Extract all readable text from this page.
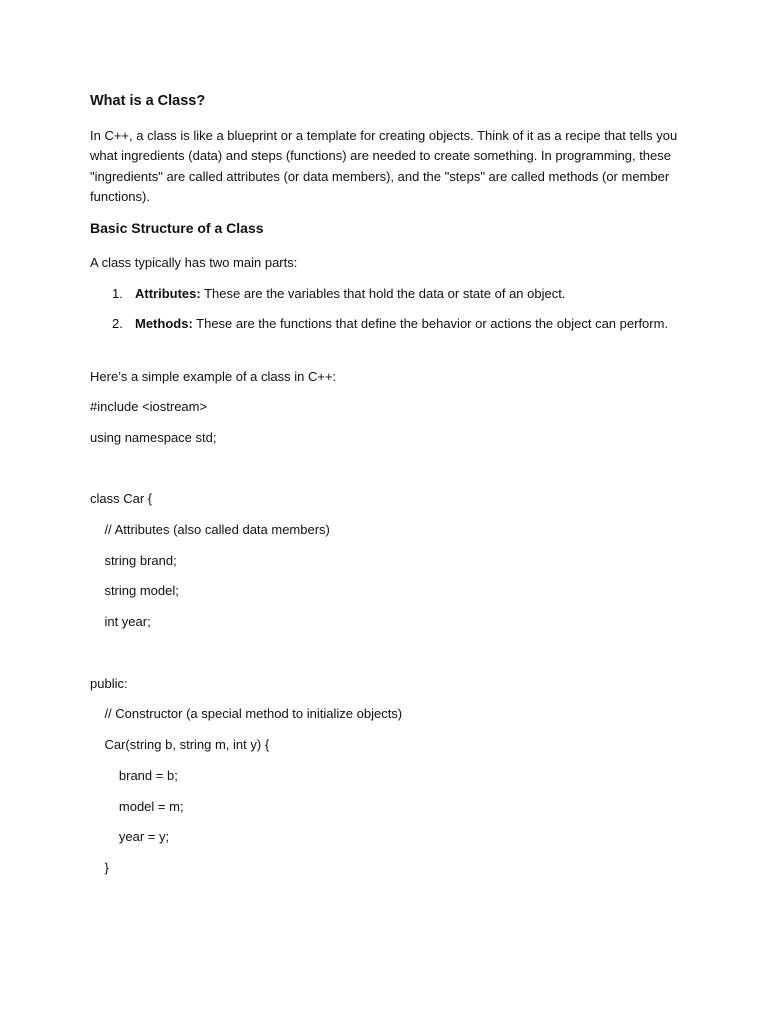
What is a Class?
In C++, a class is like a blueprint or a template for creating objects. Think of it as a recipe that tells you what ingredients (data) and steps (functions) are needed to create something. In programming, these "ingredients" are called attributes (or data members), and the "steps" are called methods (or member functions).
Basic Structure of a Class
A class typically has two main parts:
1. Attributes: These are the variables that hold the data or state of an object.
2. Methods: These are the functions that define the behavior or actions the object can perform.
Here’s a simple example of a class in C++:
#include <iostream>
using namespace std;
class Car {
// Attributes (also called data members)
string brand;
string model;
int year;
public:
// Constructor (a special method to initialize objects)
Car(string b, string m, int y) {
brand = b;
model = m;
year = y;
}
